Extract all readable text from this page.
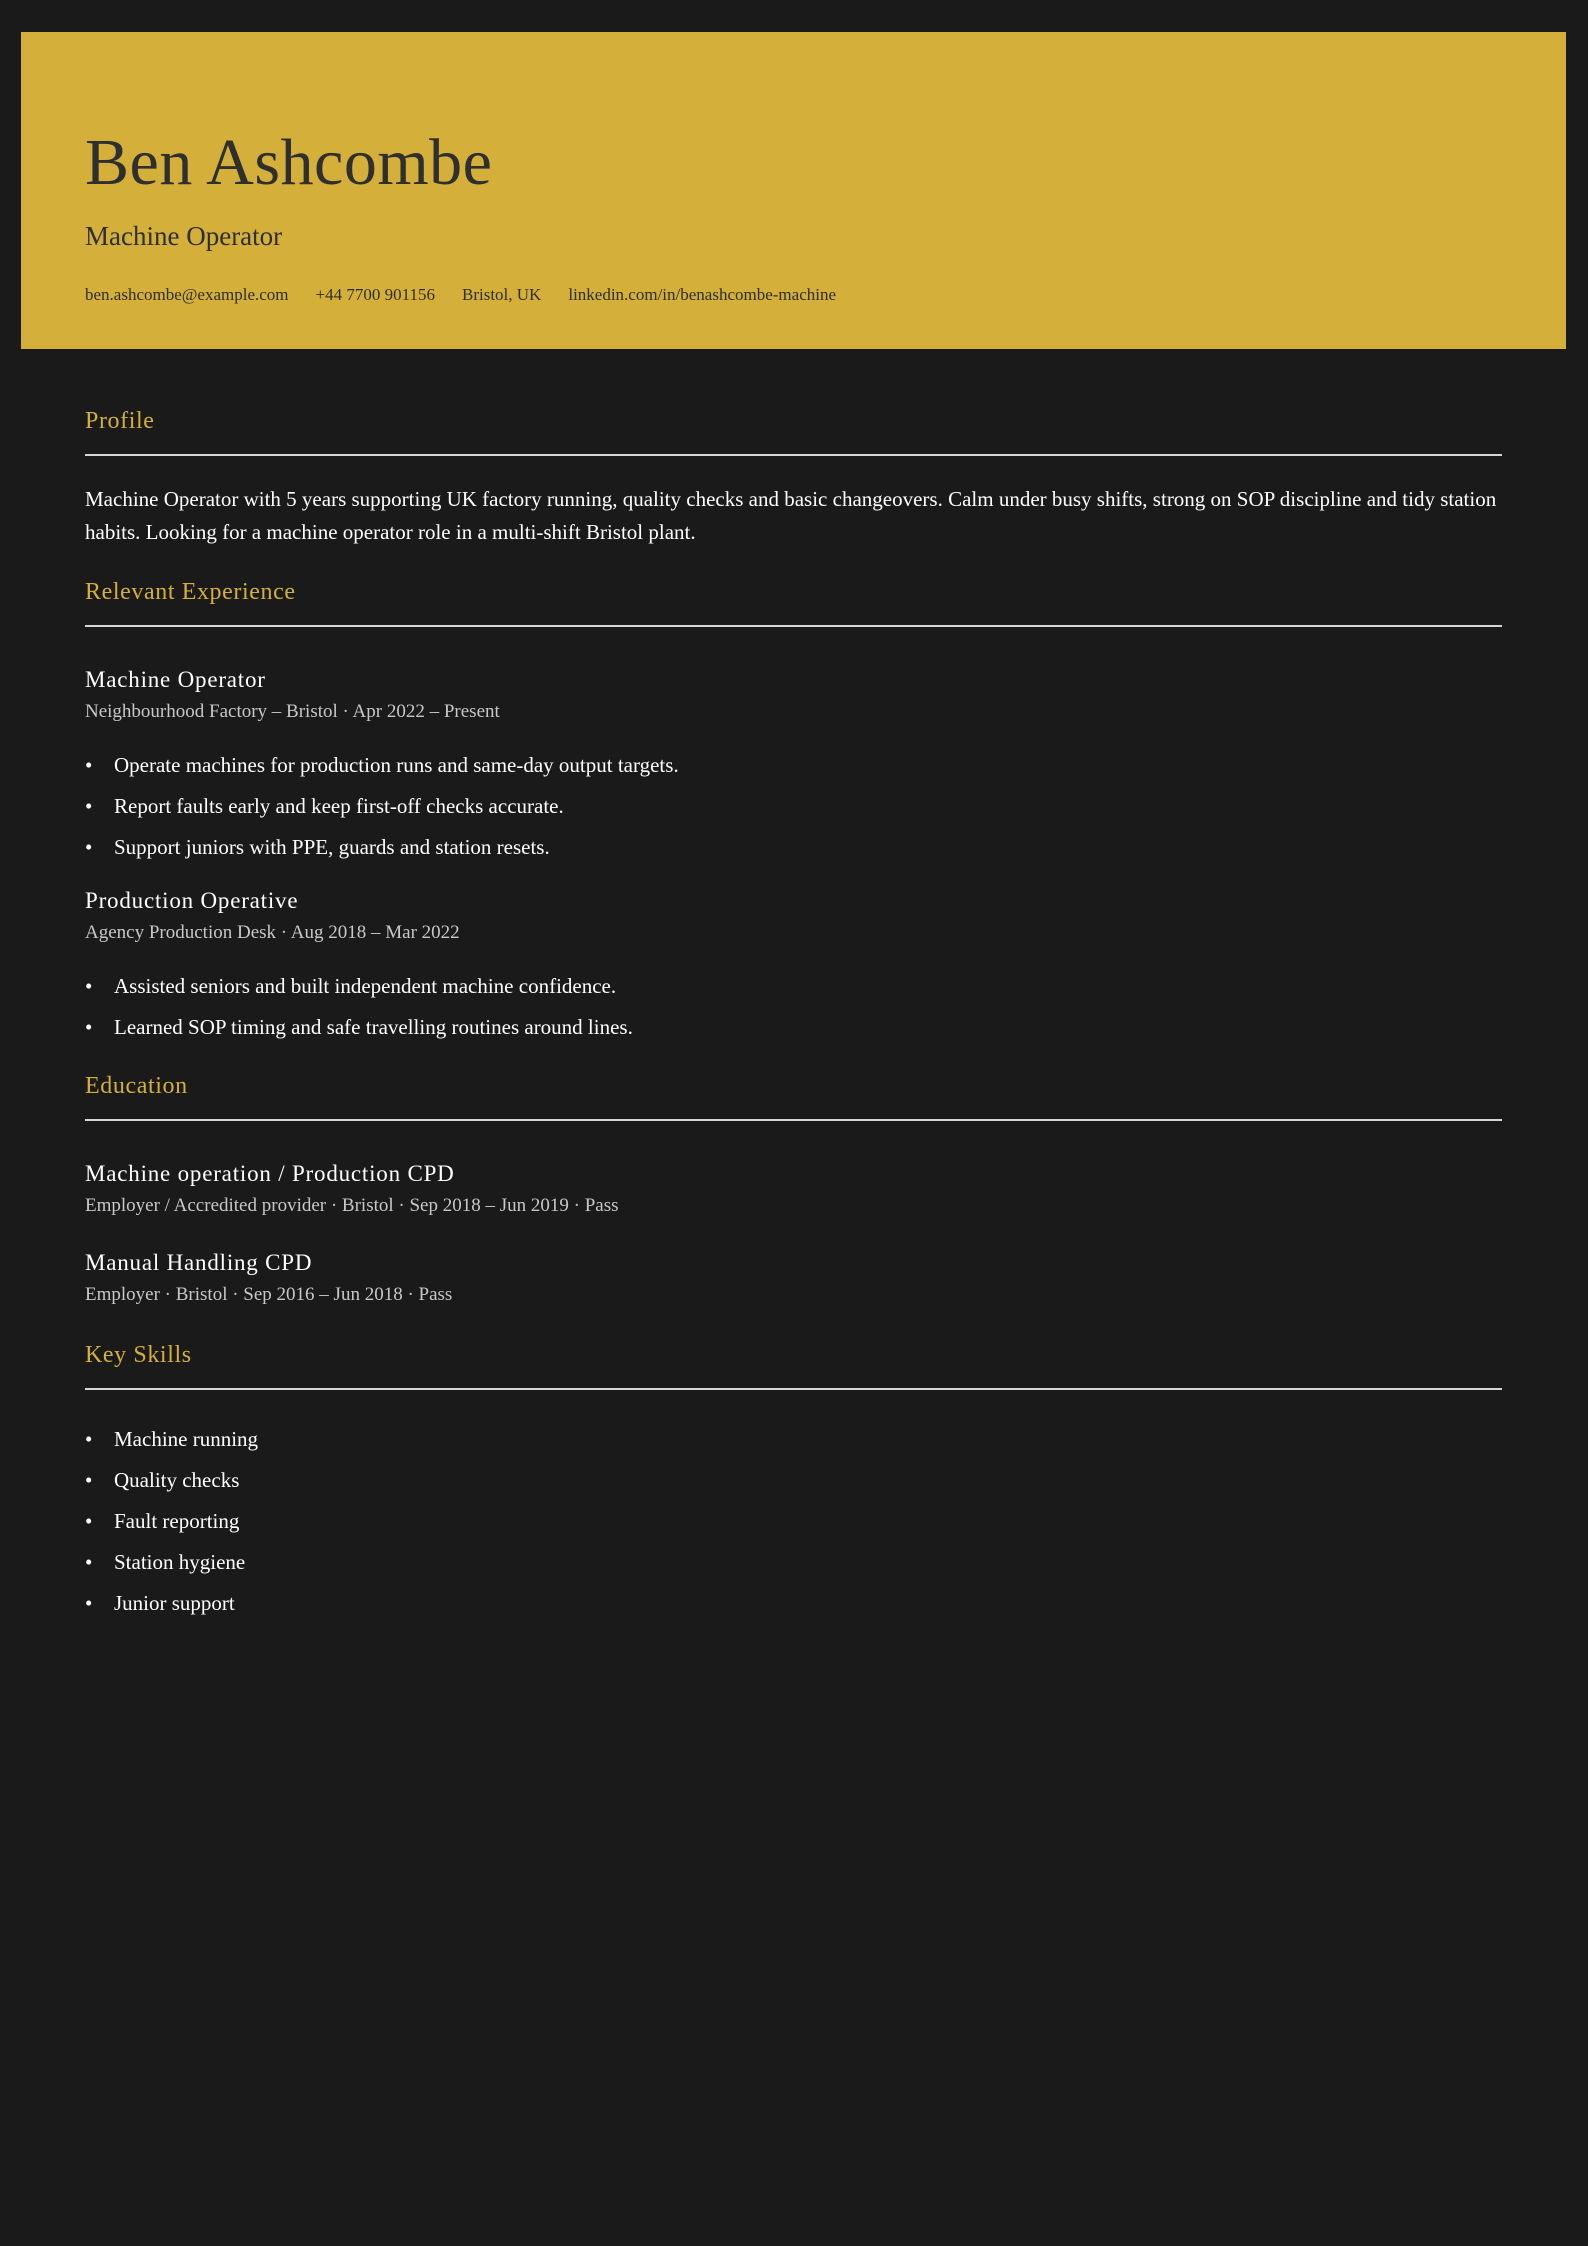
Ben Ashcombe
Machine Operator
ben.ashcombe@example.com +44 7700 901156 Bristol, UK linkedin.com/in/benashcombe-machine
Profile
Machine Operator with 5 years supporting UK factory running, quality checks and basic changeovers. Calm under busy shifts, strong on SOP discipline and tidy station habits. Looking for a machine operator role in a multi-shift Bristol plant.
Relevant Experience
Machine Operator
Neighbourhood Factory – Bristol · Apr 2022 – Present
• Operate machines for production runs and same-day output targets.
• Report faults early and keep first-off checks accurate.
• Support juniors with PPE, guards and station resets.
Production Operative
Agency Production Desk · Aug 2018 – Mar 2022
• Assisted seniors and built independent machine confidence.
• Learned SOP timing and safe travelling routines around lines.
Education
Machine operation / Production CPD
Employer / Accredited provider · Bristol · Sep 2018 – Jun 2019 · Pass
Manual Handling CPD
Employer · Bristol · Sep 2016 – Jun 2018 · Pass
Key Skills
• Machine running
• Quality checks
• Fault reporting
• Station hygiene
• Junior support
